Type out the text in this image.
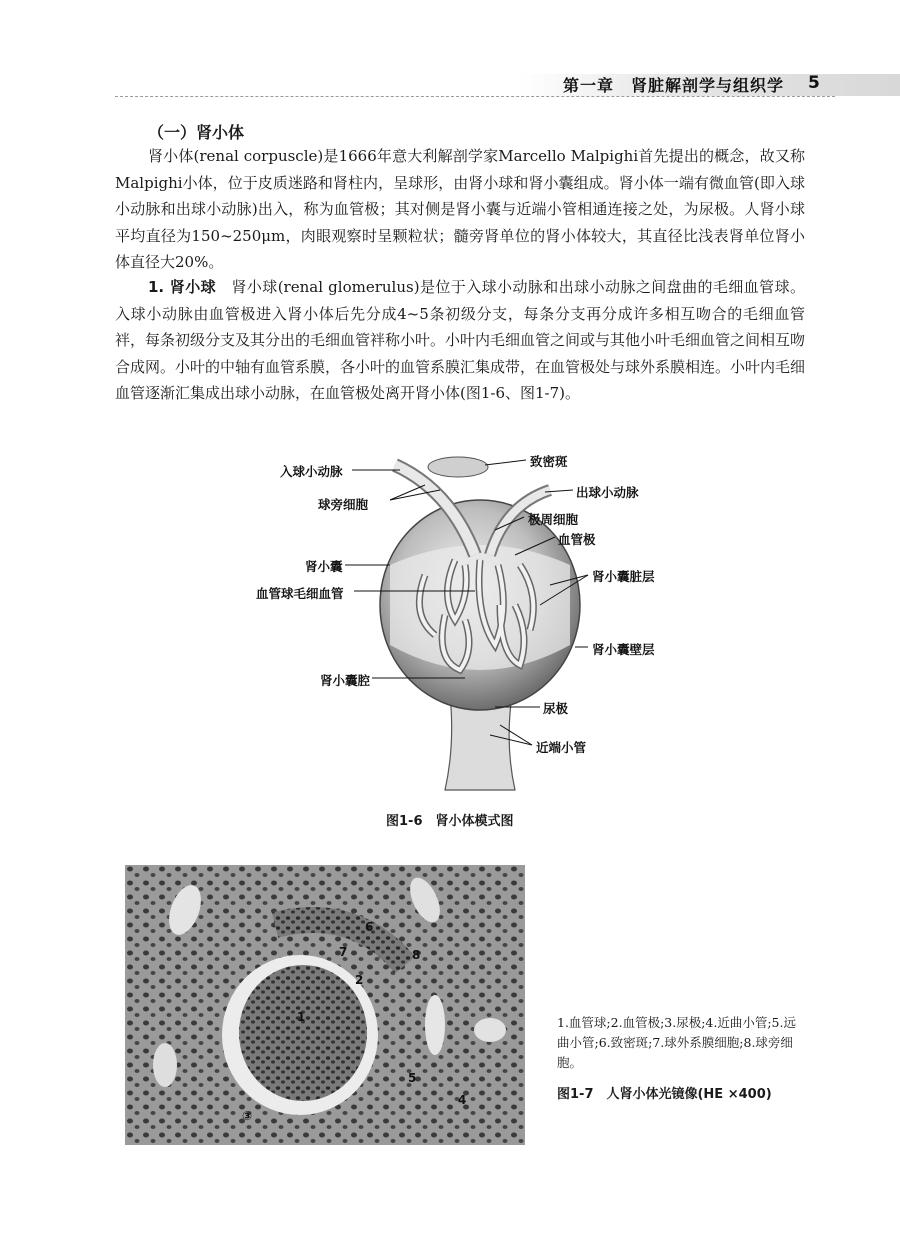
第一章　肾脏解剖学与组织学 5
（一）肾小体

肾小体(renal corpuscle)是1666年意大利解剖学家Marcello Malpighi首先提出的概念，故又称Malpighi小体，位于皮质迷路和肾柱内，呈球形，由肾小球和肾小囊组成。肾小体一端有微血管(即入球小动脉和出球小动脉)出入，称为血管极；其对侧是肾小囊与近端小管相通连接之处，为尿极。人肾小球平均直径为150~250μm，肉眼观察时呈颗粒状；髓旁肾单位的肾小体较大，其直径比浅表肾单位肾小体直径大20%。

1. 肾小球　肾小球(renal glomerulus)是位于入球小动脉和出球小动脉之间盘曲的毛细血管球。入球小动脉由血管极进入肾小体后先分成4~5条初级分支，每条分支再分成许多相互吻合的毛细血管袢，每条初级分支及其分出的毛细血管袢称小叶。小叶内毛细血管之间或与其他小叶毛细血管之间相互吻合成网。小叶的中轴有血管系膜，各小叶的血管系膜汇集成带，在血管极处与球外系膜相连。小叶内毛细血管逐渐汇集成出球小动脉，在血管极处离开肾小体(图1-6、图1-7)。

入球小动脉
球旁细胞
肾小囊
血管球毛细血管
肾小囊腔
致密斑
出球小动脉
极周细胞
血管极
肾小囊脏层
肾小囊壁层
尿极
近端小管
图1-6　肾小体模式图
6
7	8
2
1
5
4
③

1.血管球;2.血管极;3.尿极;4.近曲小管;5.远曲小管;6.致密斑;7.球外系膜细胞;8.球旁细胞。

图1-7　人肾小体光镜像(HE ×400)
